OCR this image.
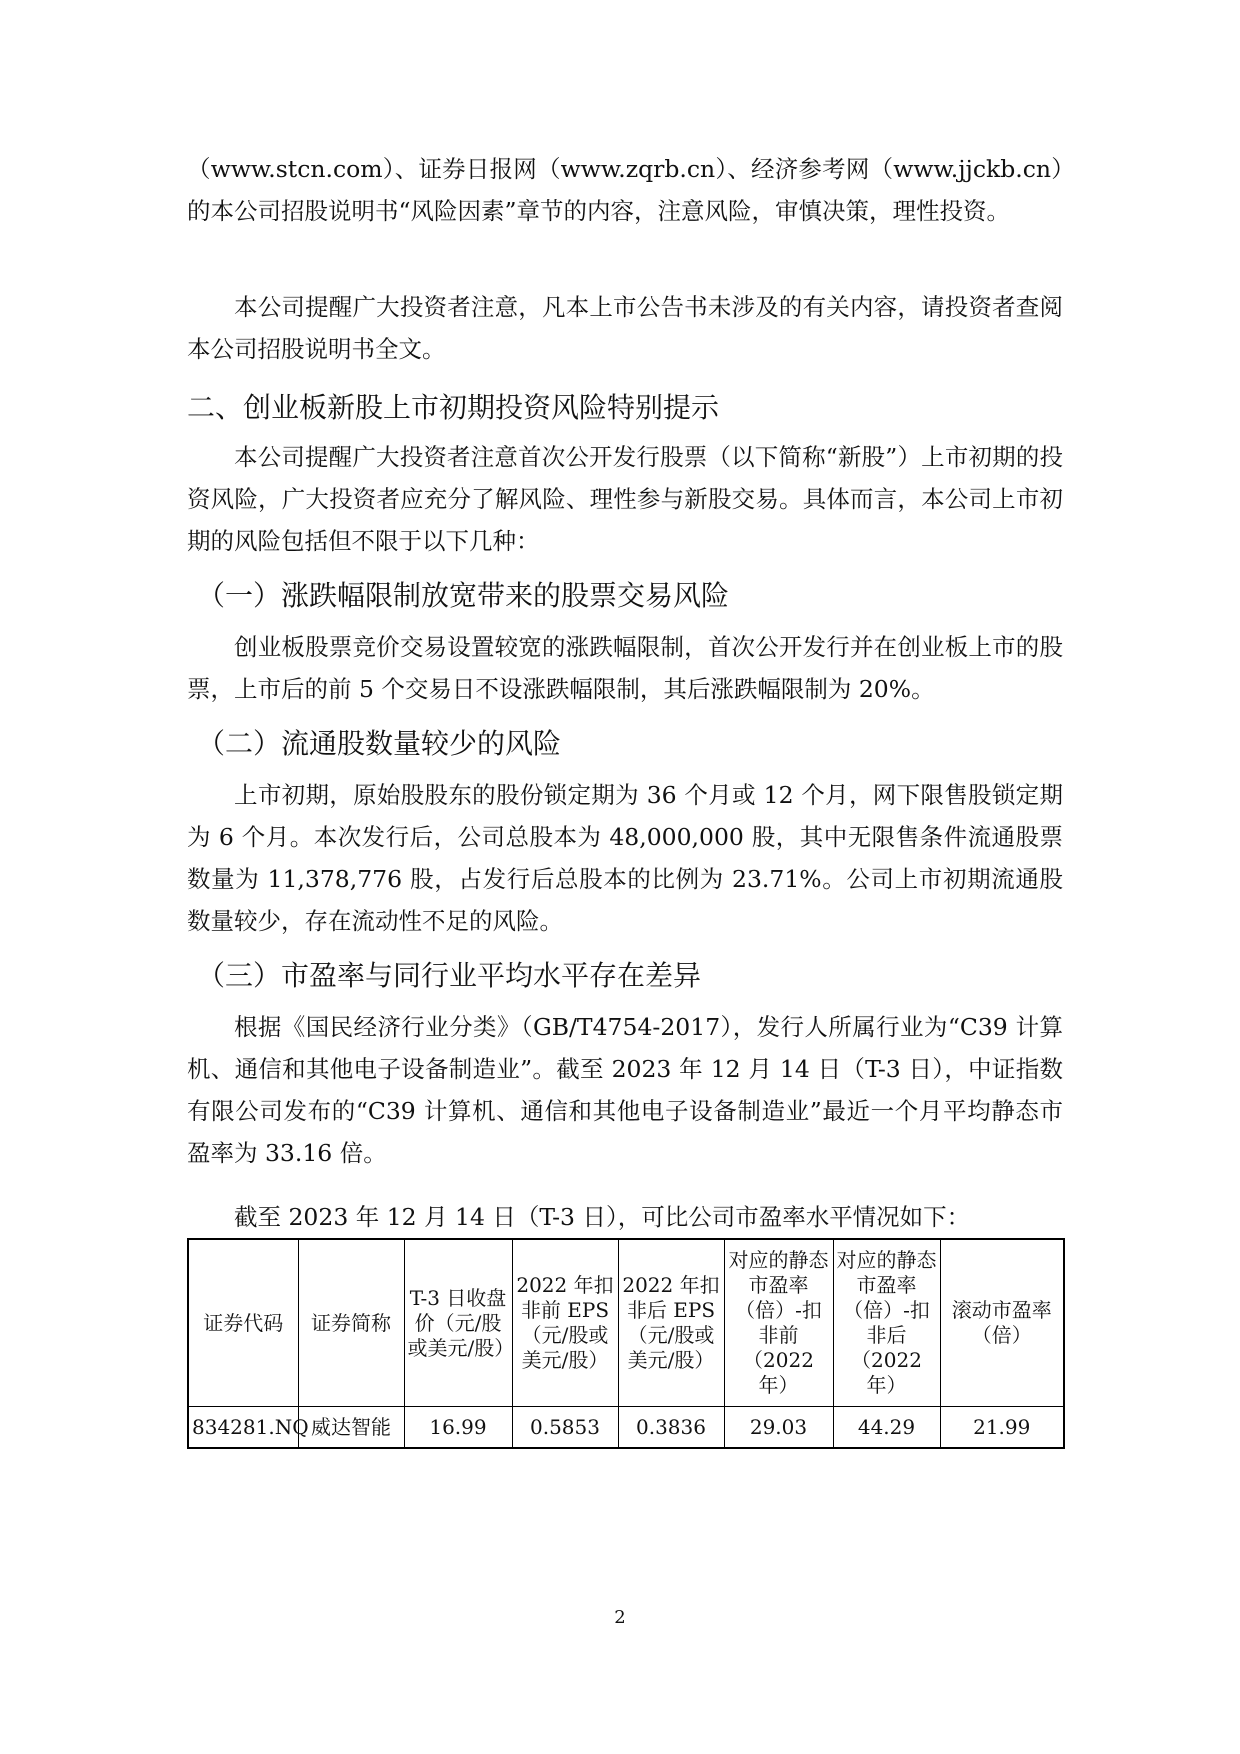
（www.stcn.com）、证券日报网（www.zqrb.cn）、经济参考网（www.jjckb.cn）的本公司招股说明书“风险因素”章节的内容，注意风险，审慎决策，理性投资。

本公司提醒广大投资者注意，凡本上市公告书未涉及的有关内容，请投资者查阅本公司招股说明书全文。

二、创业板新股上市初期投资风险特别提示

本公司提醒广大投资者注意首次公开发行股票（以下简称“新股”）上市初期的投资风险，广大投资者应充分了解风险、理性参与新股交易。具体而言，本公司上市初期的风险包括但不限于以下几种：

（一）涨跌幅限制放宽带来的股票交易风险

创业板股票竞价交易设置较宽的涨跌幅限制，首次公开发行并在创业板上市的股票，上市后的前 5 个交易日不设涨跌幅限制，其后涨跌幅限制为 20%。

（二）流通股数量较少的风险

上市初期，原始股股东的股份锁定期为 36 个月或 12 个月，网下限售股锁定期为 6 个月。本次发行后，公司总股本为 48,000,000 股，其中无限售条件流通股票数量为 11,378,776 股，占发行后总股本的比例为 23.71%。公司上市初期流通股数量较少，存在流动性不足的风险。

（三）市盈率与同行业平均水平存在差异

根据《国民经济行业分类》（GB/T4754-2017），发行人所属行业为“C39 计算机、通信和其他电子设备制造业”。截至 2023 年 12 月 14 日（T-3 日），中证指数有限公司发布的“C39 计算机、通信和其他电子设备制造业”最近一个月平均静态市盈率为 33.16 倍。

截至 2023 年 12 月 14 日（T-3 日），可比公司市盈率水平情况如下：

证券代码	证券简称	T-3 日收盘价（元/股或美元/股）	2022 年扣非前 EPS（元/股或美元/股）	2022 年扣非后 EPS（元/股或美元/股）	对应的静态市盈率（倍）-扣非前（2022 年）	对应的静态市盈率（倍）-扣非后（2022 年）	滚动市盈率（倍）
834281.NQ	威达智能	16.99	0.5853	0.3836	29.03	44.29	21.99
2
